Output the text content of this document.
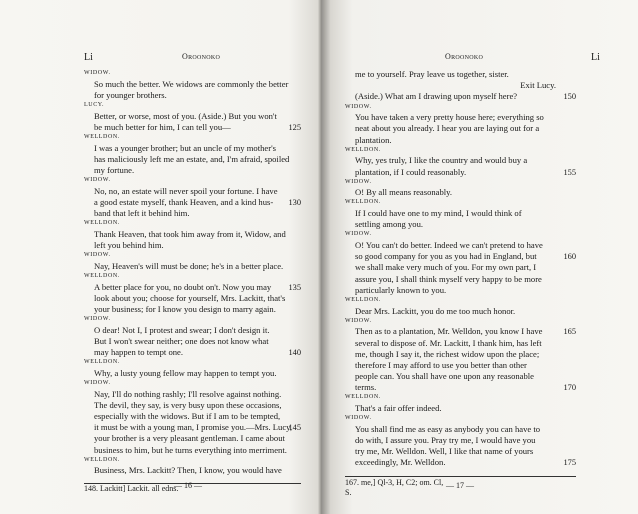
Li	Oroonoko
WIDOW.
So much the better. We widows are commonly the better
for younger brothers.
LUCY.
Better, or worse, most of you. (Aside.) But you won't
be much better for him, I can tell you—	125
WELLDON.
I was a younger brother; but an uncle of my mother's
has maliciously left me an estate, and, I'm afraid, spoiled
my fortune.
WIDOW.
No, no, an estate will never spoil your fortune. I have
a good estate myself, thank Heaven, and a kind hus- 130
band that left it behind him.
WELLDON.
Thank Heaven, that took him away from it, Widow, and
left you behind him.
WIDOW.
Nay, Heaven's will must be done; he's in a better place.
WELLDON.
A better place for you, no doubt on't. Now you may 135
look about you; choose for yourself, Mrs. Lackitt, that's
your business; for I know you design to marry again.
WIDOW.
O dear! Not I, I protest and swear; I don't design it.
But I won't swear neither; one does not know what
may happen to tempt one.	140
WELLDON.
Why, a lusty young fellow may happen to tempt you.
WIDOW.
Nay, I'll do nothing rashly; I'll resolve against nothing.
The devil, they say, is very busy upon these occasions,
especially with the widows. But if I am to be tempted,
it must be with a young man, I promise you.—Mrs. Lucy,
145
your brother is a very pleasant gentleman. I came about
business to him, but he turns everything into merriment.
WELLDON.
Business, Mrs. Lackitt? Then, I know, you would have
148. Lackitt] Lackit. all edns.
— 16 —
Oroonoko	Li
me to yourself. Pray leave us together, sister.
Exit Lucy.
(Aside.) What am I drawing upon myself here?	150
WIDOW.
You have taken a very pretty house here; everything so
neat about you already. I hear you are laying out for a
plantation.
WELLDON.
Why, yes truly, I like the country and would buy a
plantation, if I could reasonably.	155
WIDOW.
O! By all means reasonably.
WELLDON.
If I could have one to my mind, I would think of
settling among you.
WIDOW.
O! You can't do better. Indeed we can't pretend to have
so good company for you as you had in England, but	160
we shall make very much of you. For my own part, I
assure you, I shall think myself very happy to be more
particularly known to you.
WELLDON.
Dear Mrs. Lackitt, you do me too much honor.
WIDOW.
Then as to a plantation, Mr. Welldon, you know I have 165
several to dispose of. Mr. Lackitt, I thank him, has left
me, though I say it, the richest widow upon the place;
therefore I may afford to use you better than other
people can. You shall have one upon any reasonable
terms.	170
WELLDON.
That's a fair offer indeed.
WIDOW.
You shall find me as easy as anybody you can have to
do with, I assure you. Pray try me, I would have you
try me, Mr. Welldon. Well, I like that name of yours
exceedingly, Mr. Welldon.	175
167. me,] Ql-3, H, C2; om. Cl,
S.
— 17 —
